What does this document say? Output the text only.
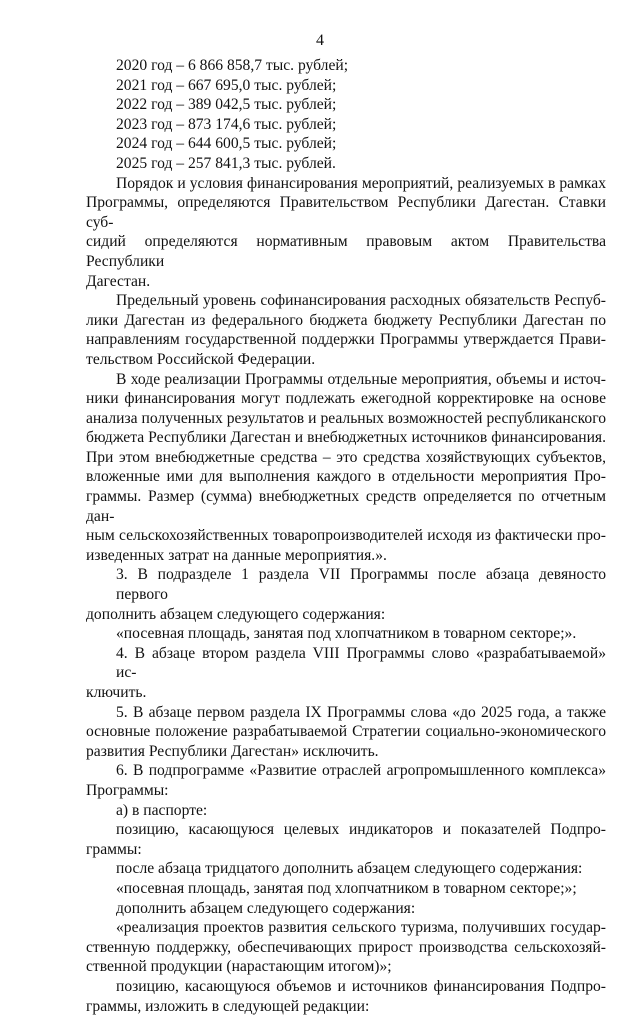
4
2020 год – 6 866 858,7 тыс. рублей;
2021 год – 667 695,0 тыс. рублей;
2022 год – 389 042,5 тыс. рублей;
2023 год – 873 174,6 тыс. рублей;
2024 год – 644 600,5 тыс. рублей;
2025 год – 257 841,3 тыс. рублей.
Порядок и условия финансирования мероприятий, реализуемых в рамках
Программы, определяются Правительством Республики Дагестан. Ставки суб-
сидий определяются нормативным правовым актом Правительства Республики
Дагестан.
Предельный уровень софинансирования расходных обязательств Респуб-
лики Дагестан из федерального бюджета бюджету Республики Дагестан по
направлениям государственной поддержки Программы утверждается Прави-
тельством Российской Федерации.
В ходе реализации Программы отдельные мероприятия, объемы и источ-
ники финансирования могут подлежать ежегодной корректировке на основе
анализа полученных результатов и реальных возможностей республиканского
бюджета Республики Дагестан и внебюджетных источников финансирования.
При этом внебюджетные средства – это средства хозяйствующих субъектов,
вложенные ими для выполнения каждого в отдельности мероприятия Про-
граммы. Размер (сумма) внебюджетных средств определяется по отчетным дан-
ным сельскохозяйственных товаропроизводителей исходя из фактически про-
изведенных затрат на данные мероприятия.».
3. В подразделе 1 раздела VII Программы после абзаца девяносто первого
дополнить абзацем следующего содержания:
«посевная площадь, занятая под хлопчатником в товарном секторе;».
4. В абзаце втором раздела VIII Программы слово «разрабатываемой» ис-
ключить.
5. В абзаце первом раздела IX Программы слова «до 2025 года, а также
основные положение разрабатываемой Стратегии социально-экономического
развития Республики Дагестан» исключить.
6. В подпрограмме «Развитие отраслей агропромышленного комплекса»
Программы:
а) в паспорте:
позицию, касающуюся целевых индикаторов и показателей Подпро-
граммы:
после абзаца тридцатого дополнить абзацем следующего содержания:
«посевная площадь, занятая под хлопчатником в товарном секторе;»;
дополнить абзацем следующего содержания:
«реализация проектов развития сельского туризма, получивших государ-
ственную поддержку, обеспечивающих прирост производства сельскохозяй-
ственной продукции (нарастающим итогом)»;
позицию, касающуюся объемов и источников финансирования Подпро-
граммы, изложить в следующей редакции:
